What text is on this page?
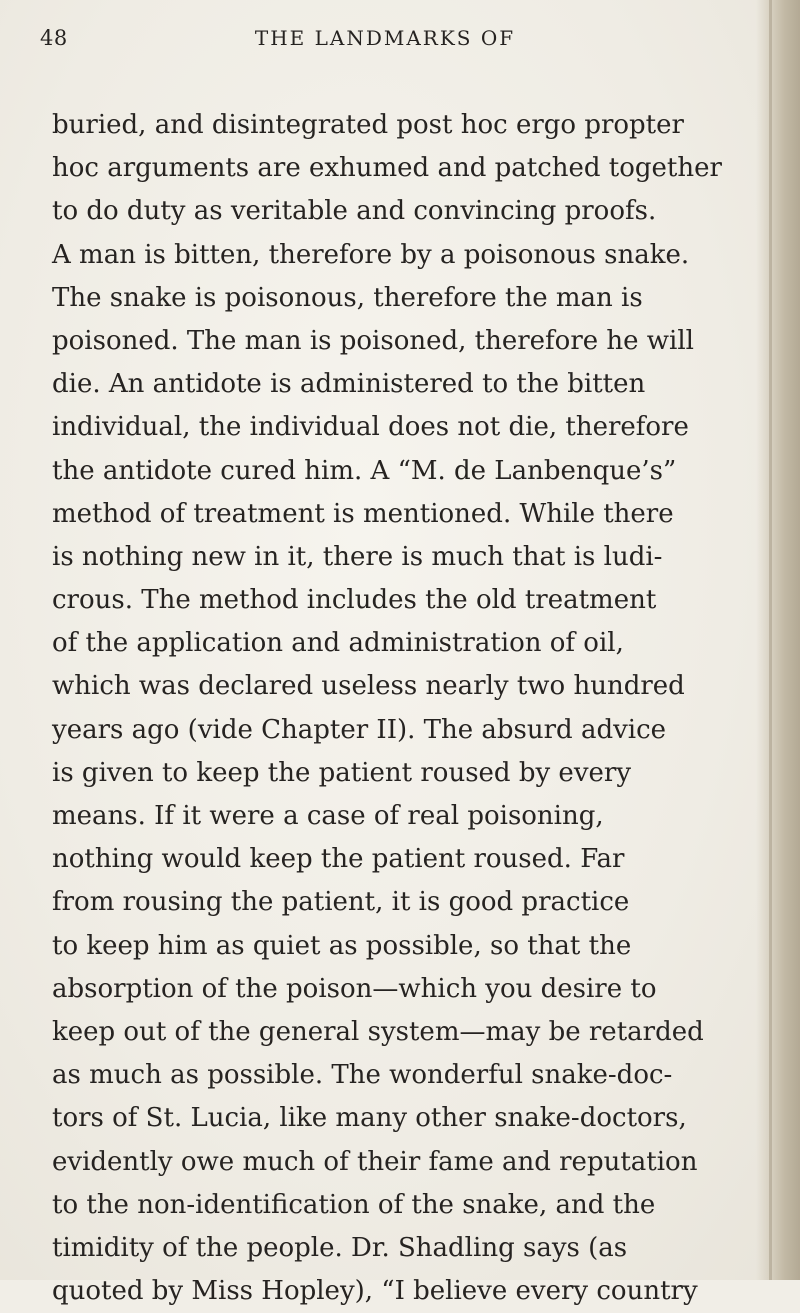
48	THE LANDMARKS OF
buried, and disintegrated post hoc ergo propter
hoc arguments are exhumed and patched together
to do duty as veritable and convincing proofs.
A man is bitten, therefore by a poisonous snake.
The snake is poisonous, therefore the man is
poisoned. The man is poisoned, therefore he will
die. An antidote is administered to the bitten
individual, the individual does not die, therefore
the antidote cured him. A “M. de Lanbenque’s”
method of treatment is mentioned. While there
is nothing new in it, there is much that is ludi-
crous. The method includes the old treatment
of the application and administration of oil,
which was declared useless nearly two hundred
years ago (vide Chapter II). The absurd advice
is given to keep the patient roused by every
means. If it were a case of real poisoning,
nothing would keep the patient roused. Far
from rousing the patient, it is good practice
to keep him as quiet as possible, so that the
absorption of the poison—which you desire to
keep out of the general system—may be retarded
as much as possible. The wonderful snake-doc-
tors of St. Lucia, like many other snake-doctors,
evidently owe much of their fame and reputation
to the non-identification of the snake, and the
timidity of the people. Dr. Shadling says (as
quoted by Miss Hopley), “I believe every country
